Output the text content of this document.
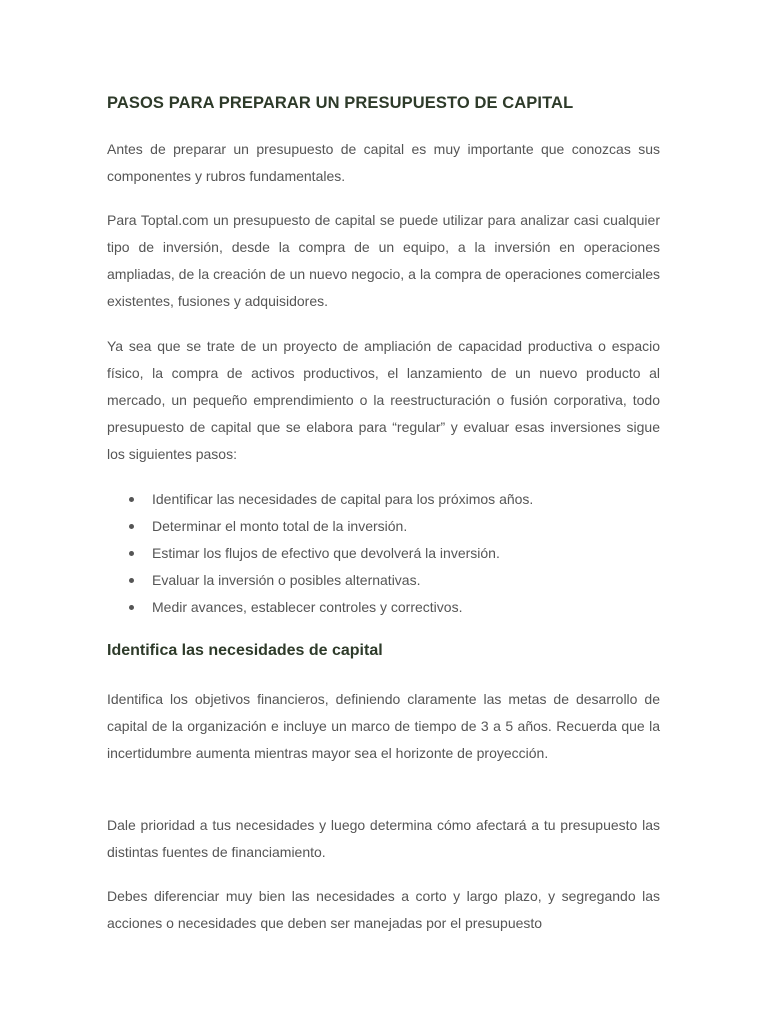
PASOS PARA PREPARAR UN PRESUPUESTO DE CAPITAL

Antes de preparar un presupuesto de capital es muy importante que conozcas sus componentes y rubros fundamentales.

Para Toptal.com un presupuesto de capital se puede utilizar para analizar casi cualquier tipo de inversión, desde la compra de un equipo, a la inversión en operaciones ampliadas, de la creación de un nuevo negocio, a la compra de operaciones comerciales existentes, fusiones y adquisidores.

Ya sea que se trate de un proyecto de ampliación de capacidad productiva o espacio físico, la compra de activos productivos, el lanzamiento de un nuevo producto al mercado, un pequeño emprendimiento o la reestructuración o fusión corporativa, todo presupuesto de capital que se elabora para “regular” y evaluar esas inversiones sigue los siguientes pasos:

Identificar las necesidades de capital para los próximos años.
Determinar el monto total de la inversión.
Estimar los flujos de efectivo que devolverá la inversión.
Evaluar la inversión o posibles alternativas.
Medir avances, establecer controles y correctivos.
Identifica las necesidades de capital

Identifica los objetivos financieros, definiendo claramente las metas de desarrollo de capital de la organización e incluye un marco de tiempo de 3 a 5 años. Recuerda que la incertidumbre aumenta mientras mayor sea el horizonte de proyección.

Dale prioridad a tus necesidades y luego determina cómo afectará a tu presupuesto las distintas fuentes de financiamiento.

Debes diferenciar muy bien las necesidades a corto y largo plazo, y segregando las acciones o necesidades que deben ser manejadas por el presupuesto
